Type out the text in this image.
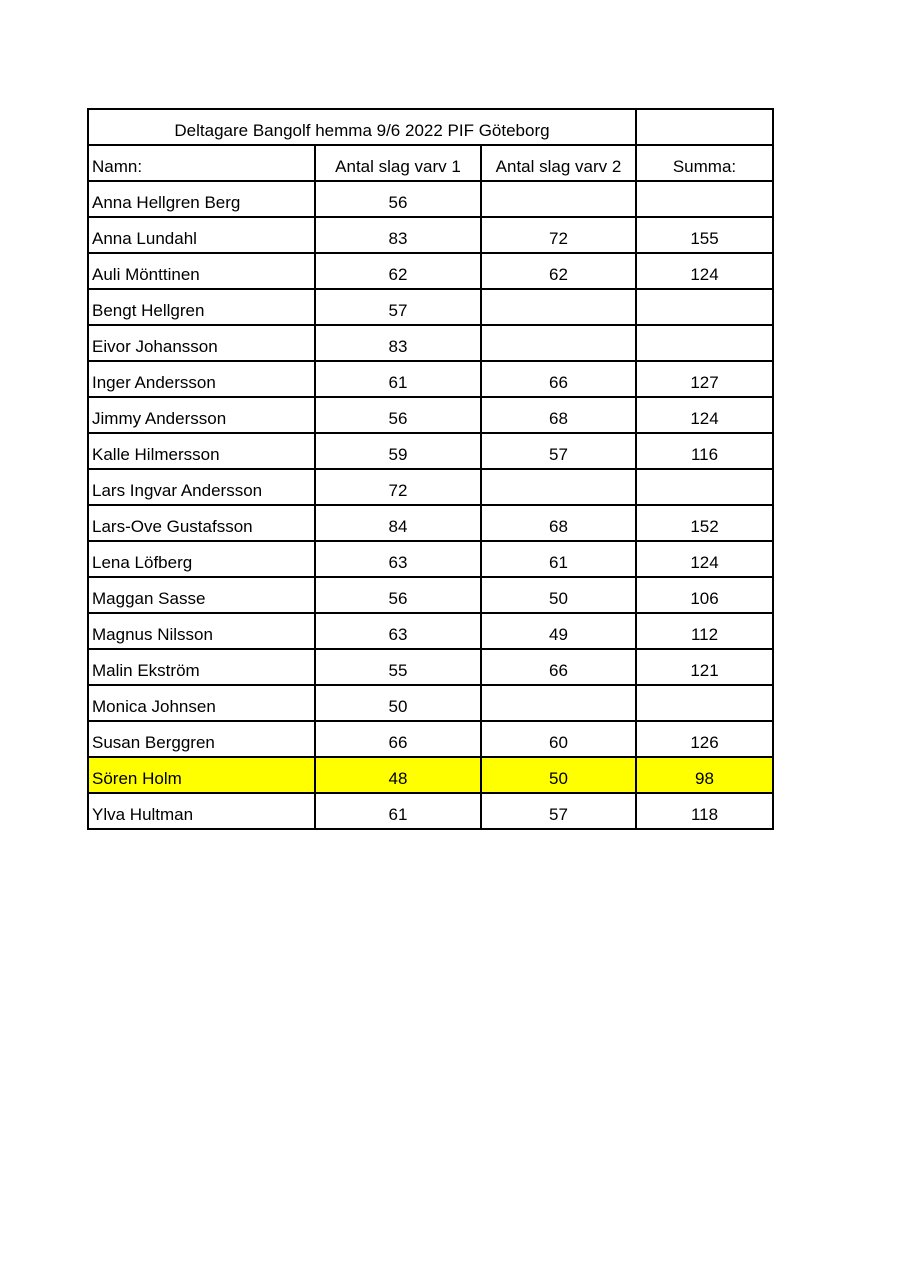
Deltagare Bangolf hemma 9/6 2022 PIF Göteborg			
Namn:	Antal slag varv 1	Antal slag varv 2	Summa:
Anna Hellgren Berg	56		
Anna Lundahl	83	72	155
Auli Mönttinen	62	62	124
Bengt Hellgren	57		
Eivor Johansson	83		
Inger Andersson	61	66	127
Jimmy Andersson	56	68	124
Kalle Hilmersson	59	57	116
Lars Ingvar Andersson	72		
Lars-Ove Gustafsson	84	68	152
Lena Löfberg	63	61	124
Maggan Sasse	56	50	106
Magnus Nilsson	63	49	112
Malin Ekström	55	66	121
Monica Johnsen	50		
Susan Berggren	66	60	126
Sören Holm	48	50	98
Ylva Hultman	61	57	118
